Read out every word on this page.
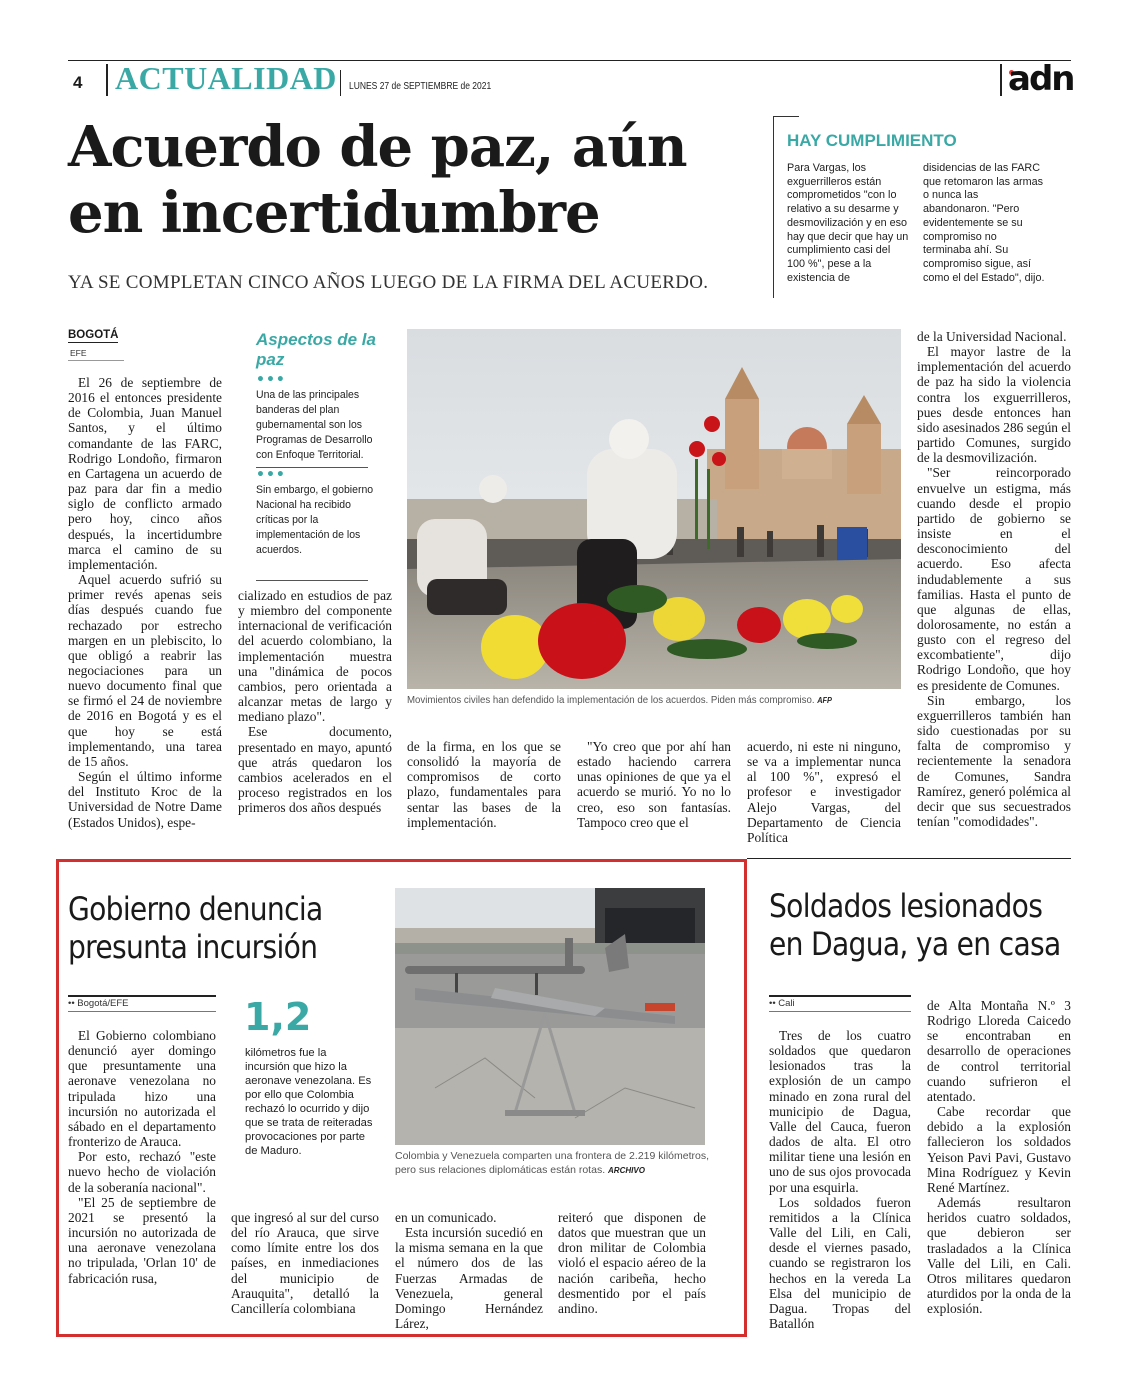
4 ACTUALIDAD LUNES 27 de SEPTIEMBRE de 2021	adn
Acuerdo de paz, aún
en incertidumbre
YA SE COMPLETAN CINCO AÑOS LUEGO DE LA FIRMA DEL ACUERDO.
HAY CUMPLIMIENTO
Para Vargas, los exguerrilleros están comprometidos "con lo relativo a su desarme y desmovilización y en eso hay que decir que hay un cumplimiento casi del 100 %", pese a la existencia de
disidencias de las FARC que retomaron las armas o nunca las abandonaron. "Pero evidentemente se su compromiso no terminaba ahí. Su compromiso sigue, así como el del Estado", dijo.
BOGOTÁ
EFE

El 26 de septiembre de 2016 el entonces presidente de Colombia, Juan Manuel Santos, y el último comandante de las FARC, Rodrigo Londoño, firmaron en Cartagena un acuerdo de paz para dar fin a medio siglo de conflicto armado pero hoy, cinco años después, la incertidumbre marca el camino de su implementación.

Aquel acuerdo sufrió su primer revés apenas seis días después cuando fue rechazado por estrecho margen en un plebiscito, lo que obligó a reabrir las negociaciones para un nuevo documento final que se firmó el 24 de noviembre de 2016 en Bogotá y es el que hoy se está implementando, una tarea de 15 años.

Según el último informe del Instituto Kroc de la Universidad de Notre Dame (Estados Unidos), espe-

Aspectos de la paz
•••
Una de las principales banderas del plan gubernamental son los Programas de Desarrollo con Enfoque Territorial.
•••
Sin embargo, el gobierno Nacional ha recibido críticas por la implementación de los acuerdos.

cializado en estudios de paz y miembro del componente internacional de verificación del acuerdo colombiano, la implementación muestra una "dinámica de pocos cambios, pero orientada a alcanzar metas de largo y mediano plazo".

Ese documento, presentado en mayo, apuntó que atrás quedaron los cambios acelerados en el proceso registrados en los primeros dos años después

Movimientos civiles han defendido la implementación de los acuerdos. Piden más compromiso. AFP

de la firma, en los que se consolidó la mayoría de compromisos de corto plazo, fundamentales para sentar las bases de la implementación.

"Yo creo que por ahí han estado haciendo carrera unas opiniones de que ya el acuerdo se murió. Yo no lo creo, eso son fantasías. Tampoco creo que el

acuerdo, ni este ni ninguno, se va a implementar nunca al 100 %", expresó el profesor e investigador Alejo Vargas, del Departamento de Ciencia Política

de la Universidad Nacional.

El mayor lastre de la implementación del acuerdo de paz ha sido la violencia contra los exguerrilleros, pues desde entonces han sido asesinados 286 según el partido Comunes, surgido de la desmovilización.

"Ser reincorporado envuelve un estigma, más cuando desde el propio partido de gobierno se insiste en el desconocimiento del acuerdo. Eso afecta indudablemente a sus familias. Hasta el punto de que algunas de ellas, dolorosamente, no están a gusto con el regreso del excombatiente", dijo Rodrigo Londoño, que hoy es presidente de Comunes.

Sin embargo, los exguerrilleros también han sido cuestionadas por su falta de compromiso y recientemente la senadora de Comunes, Sandra Ramírez, generó polémica al decir que sus secuestrados tenían "comodidades".

Gobierno denuncia presunta incursión
•• Bogotá/EFE	1,2
kilómetros fue la incursión que hizo la aeronave venezolana. Es por ello que Colombia rechazó lo ocurrido y dijo que se trata de reiteradas provocaciones por parte de Maduro.

El Gobierno colombiano denunció ayer domingo que presuntamente una aeronave venezolana no tripulada hizo una incursión no autorizada el sábado en el departamento fronterizo de Arauca.

Por esto, rechazó "este nuevo hecho de violación de la soberanía nacional".

"El 25 de septiembre de 2021 se presentó la incursión no autorizada de una aeronave venezolana no tripulada, 'Orlan 10' de fabricación rusa,

que ingresó al sur del curso del río Arauca, que sirve como límite entre los dos países, en inmediaciones del municipio de Arauquita", detalló la Cancillería colombiana

en un comunicado.

Esta incursión sucedió en la misma semana en la que el número dos de las Fuerzas Armadas de Venezuela, general Domingo Hernández Lárez,

reiteró que disponen de datos que muestran que un dron militar de Colombia violó el espacio aéreo de la nación caribeña, hecho desmentido por el país andino.

Colombia y Venezuela comparten una frontera de 2.219 kilómetros, pero sus relaciones diplomáticas están rotas. ARCHIVO
Soldados lesionados en Dagua, ya en casa
•• Cali

Tres de los cuatro soldados que quedaron lesionados tras la explosión de un campo minado en zona rural del municipio de Dagua, Valle del Cauca, fueron dados de alta. El otro militar tiene una lesión en uno de sus ojos provocada por una esquirla.

Los soldados fueron remitidos a la Clínica Valle del Lili, en Cali, desde el viernes pasado, cuando se registraron los hechos en la vereda La Elsa del municipio de Dagua. Tropas del Batallón

de Alta Montaña N.º 3 Rodrigo Lloreda Caicedo se encontraban en desarrollo de operaciones de control territorial cuando sufrieron el atentado.

Cabe recordar que debido a la explosión fallecieron los soldados Yeison Pavi Pavi, Gustavo Mina Rodríguez y Kevin René Martínez.

Además resultaron heridos cuatro soldados, que debieron ser trasladados a la Clínica Valle del Lili, en Cali. Otros militares quedaron aturdidos por la onda de la explosión.
